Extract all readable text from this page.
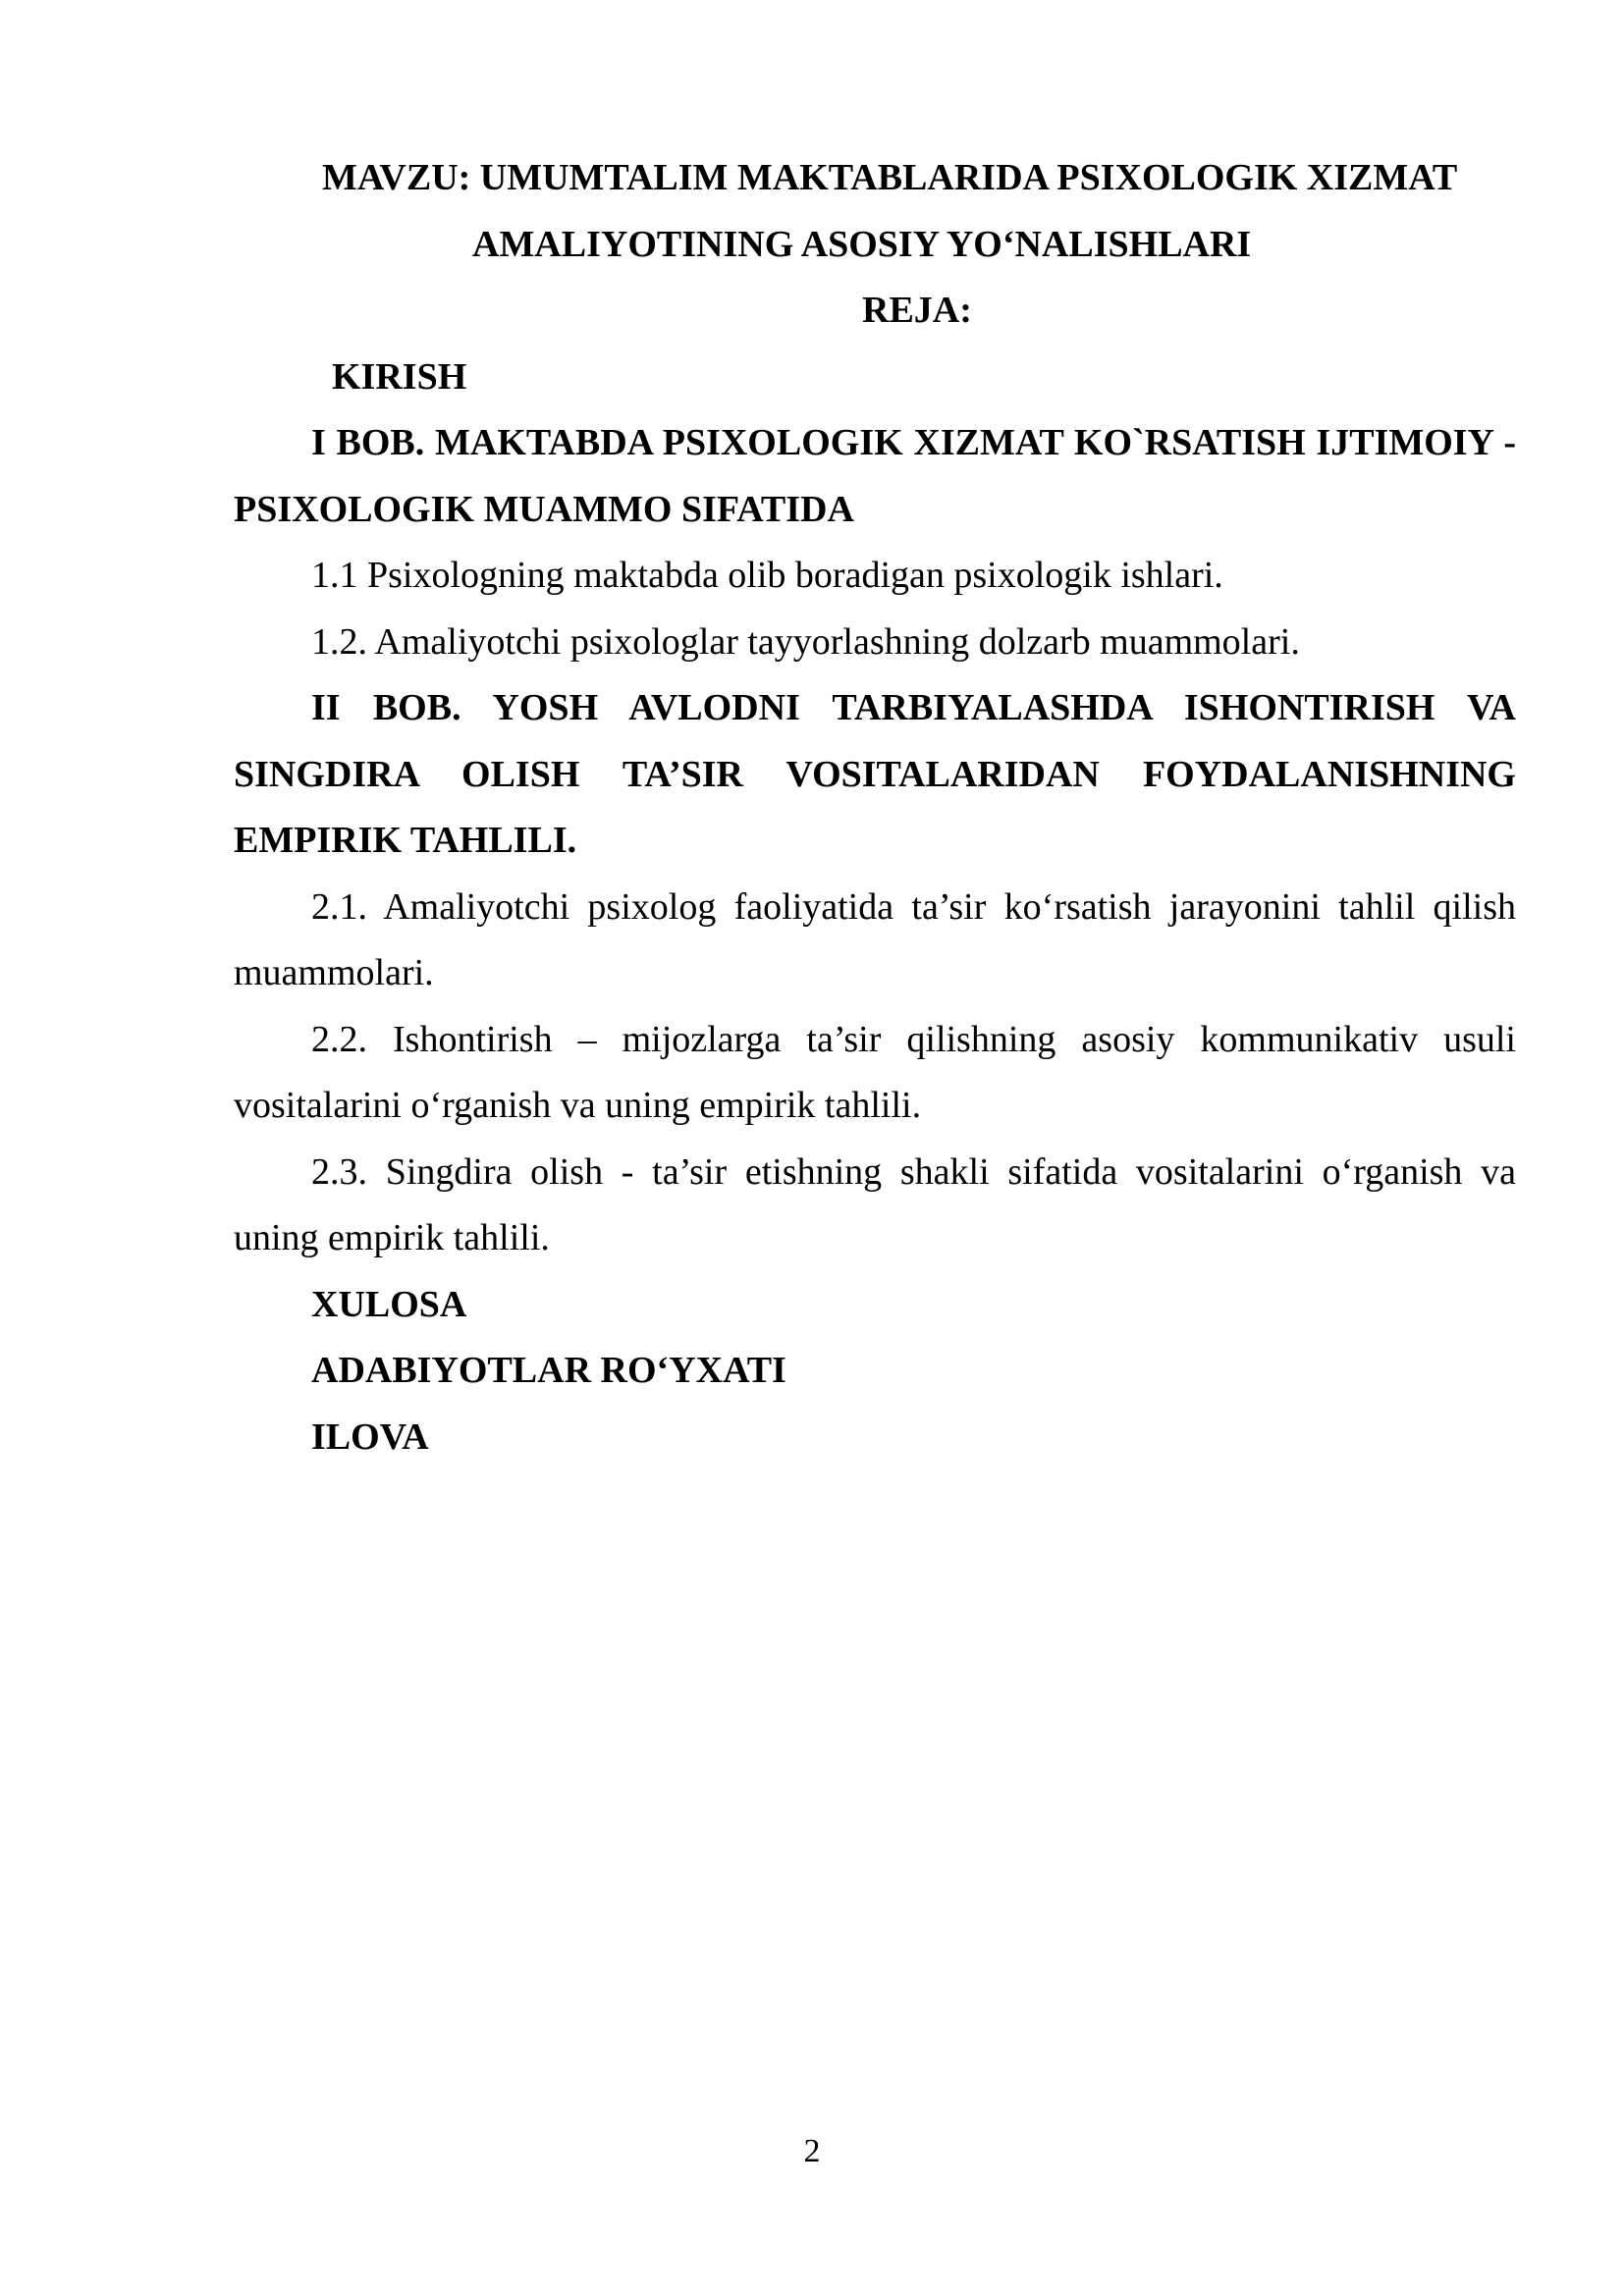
MAVZU: UMUMTALIM MAKTABLARIDA PSIXOLOGIK XIZMAT

AMALIYOTINING ASOSIY YO‘NALISHLARI

REJA:

KIRISH

I BOB. MAKTABDA PSIXOLOGIK XIZMAT KO`RSATISH IJTIMOIY - PSIXOLOGIK MUAMMO SIFATIDA

1.1 Psixologning maktabda olib boradigan psixologik ishlari.

1.2. Amaliyotchi psixologlar tayyorlashning dolzarb muammolari.

II BOB. YOSH AVLODNI TARBIYALASHDA ISHONTIRISH VA SINGDIRA OLISH TA’SIR VOSITALARIDAN FOYDALANISHNING EMPIRIK TAHLILI.

2.1. Amaliyotchi psixolog faoliyatida ta’sir ko‘rsatish jarayonini tahlil qilish muammolari.

2.2. Ishontirish – mijozlarga ta’sir qilishning asosiy kommunikativ usuli vositalarini o‘rganish va uning empirik tahlili.

2.3. Singdira olish - ta’sir etishning shakli sifatida vositalarini o‘rganish va uning empirik tahlili.

XULOSA

ADABIYOTLAR RO‘YXATI

ILOVA

2
